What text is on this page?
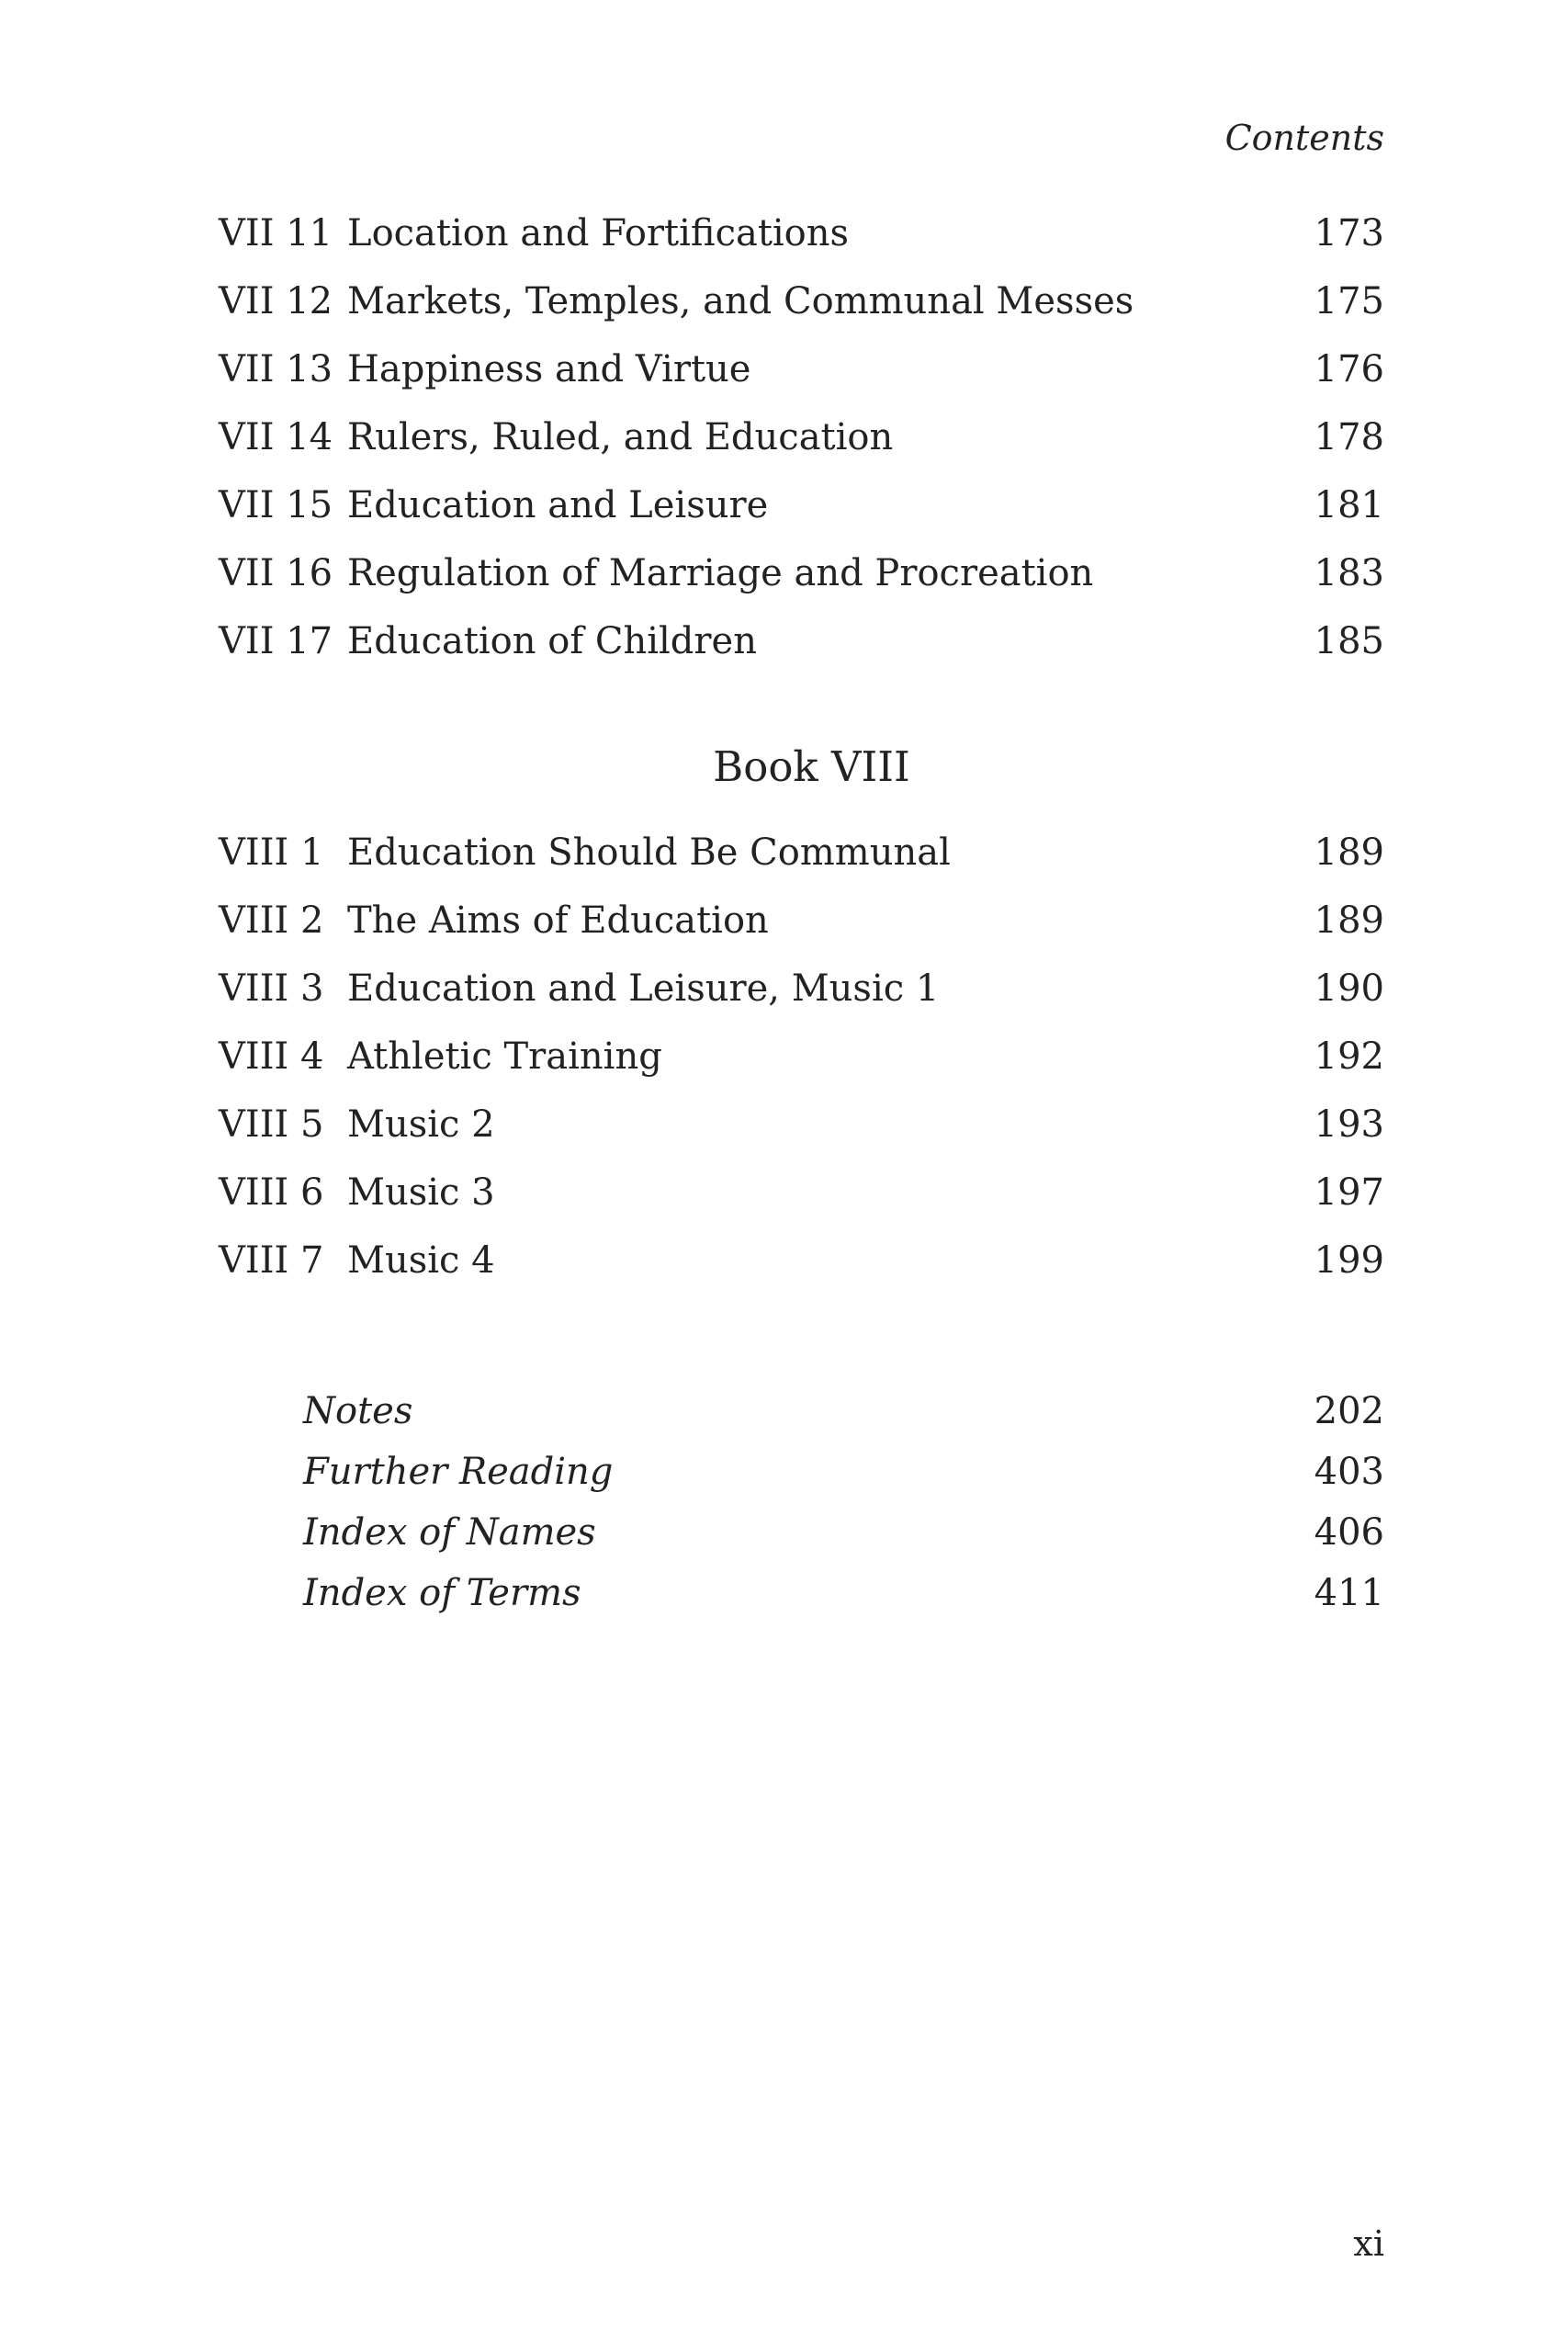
Contents
VII 11 Location and Fortifications	173
VII 12 Markets, Temples, and Communal Messes	175
VII 13 Happiness and Virtue	176
VII 14 Rulers, Ruled, and Education	178
VII 15 Education and Leisure	181
VII 16 Regulation of Marriage and Procreation	183
VII 17 Education of Children	185
Book VIII
VIII 1 Education Should Be Communal	189
VIII 2 The Aims of Education	189
VIII 3 Education and Leisure, Music 1	190
VIII 4 Athletic Training	192
VIII 5 Music 2	193
VIII 6 Music 3	197
VIII 7 Music 4	199
Notes	202
Further Reading	403
Index of Names	406
Index of Terms	411
xi
